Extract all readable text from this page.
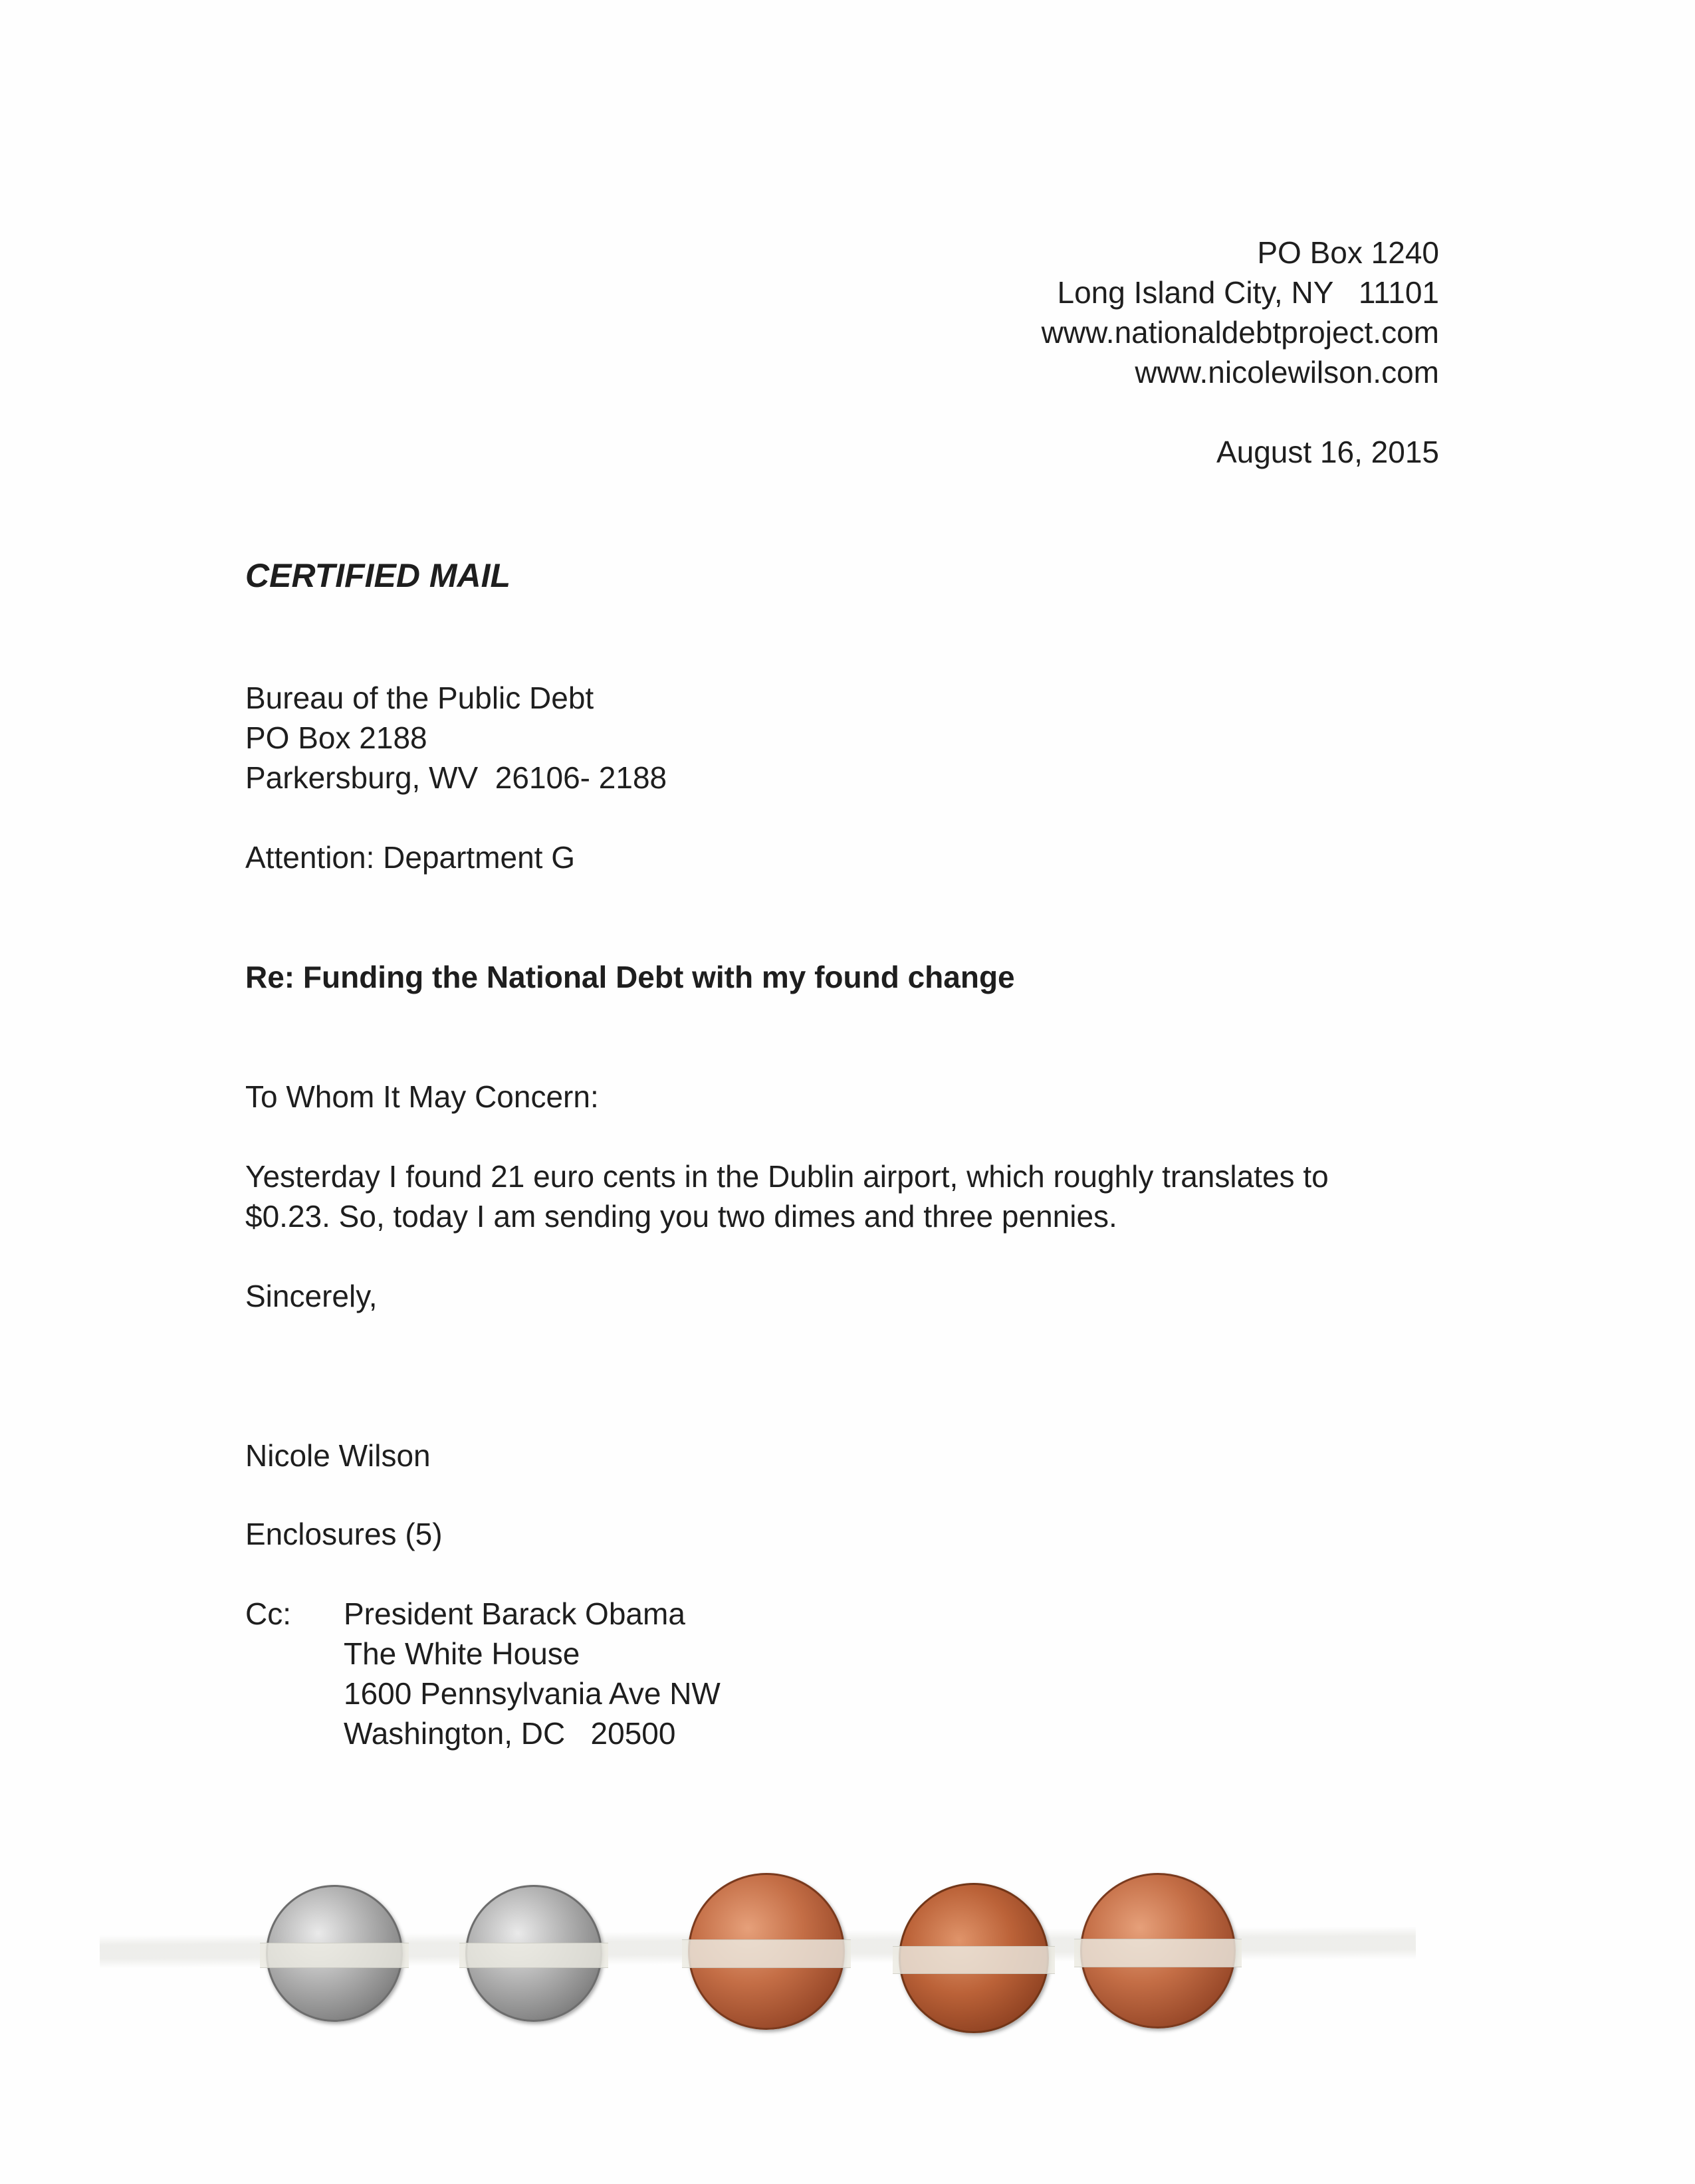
PO Box 1240

Long Island City, NY   11101

www.nationaldebtproject.com

www.nicolewilson.com

August 16, 2015

CERTIFIED MAIL

Bureau of the Public Debt

PO Box 2188

Parkersburg, WV  26106- 2188

Attention: Department G

Re: Funding the National Debt with my found change

To Whom It May Concern:

Yesterday I found 21 euro cents in the Dublin airport, which roughly translates to

$0.23. So, today I am sending you two dimes and three pennies.

Sincerely,

Nicole Wilson

Enclosures (5)

Cc: President Barack Obama

The White House

1600 Pennsylvania Ave NW

Washington, DC   20500
